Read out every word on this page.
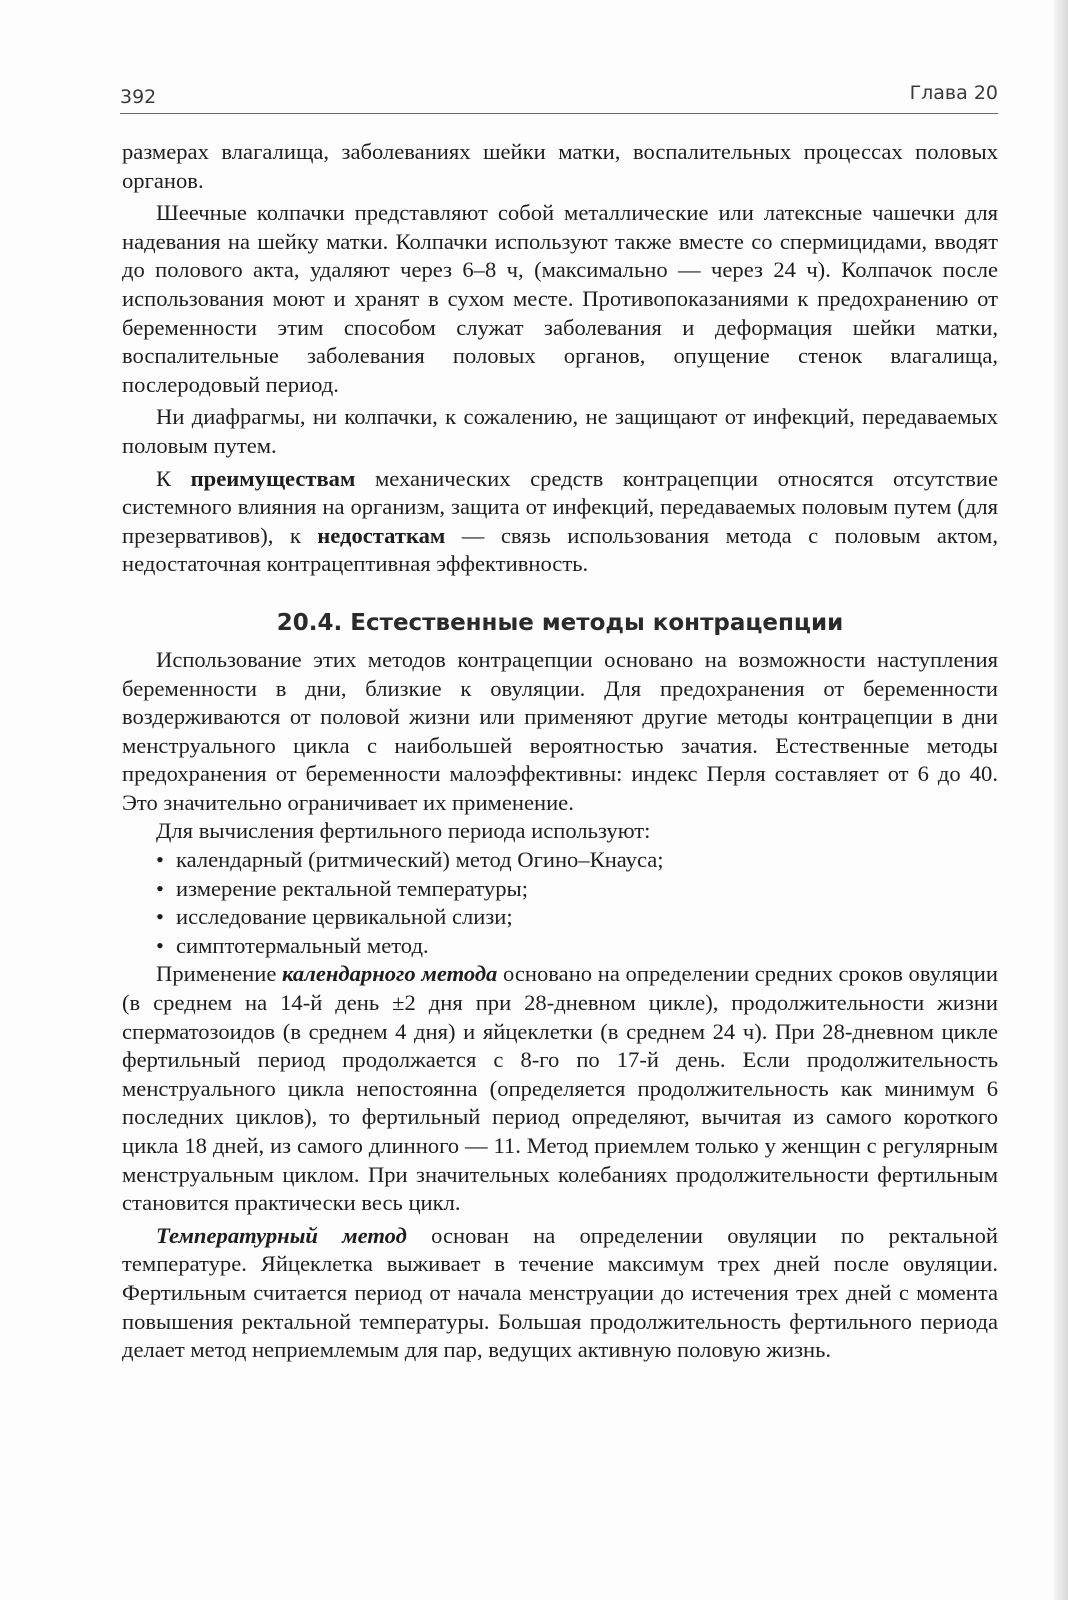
392	Глава 20

размерах влагалища, заболеваниях шейки матки, воспалительных процессах половых органов.

Шеечные колпачки представляют собой металлические или латексные чашечки для надевания на шейку матки. Колпачки используют также вместе со спермицидами, вводят до полового акта, удаляют через 6–8 ч, (максимально — через 24 ч). Колпачок после использования моют и хранят в сухом месте. Противопоказаниями к предохранению от беременности этим способом служат заболевания и деформация шейки матки, воспалительные заболевания половых органов, опущение стенок влагалища, послеродовый период.

Ни диафрагмы, ни колпачки, к сожалению, не защищают от инфекций, передаваемых половым путем.

К преимуществам механических средств контрацепции относятся отсутствие системного влияния на организм, защита от инфекций, передаваемых половым путем (для презервативов), к недостаткам — связь использования метода с половым актом, недостаточная контрацептивная эффективность.

20.4. Естественные методы контрацепции

Использование этих методов контрацепции основано на возможности наступления беременности в дни, близкие к овуляции. Для предохранения от беременности воздерживаются от половой жизни или применяют другие методы контрацепции в дни менструального цикла с наибольшей вероятностью зачатия. Естественные методы предохранения от беременности малоэффективны: индекс Перля составляет от 6 до 40. Это значительно ограничивает их применение.

Для вычисления фертильного периода используют:

• календарный (ритмический) метод Огино–Кнауса;
• измерение ректальной температуры;
• исследование цервикальной слизи;
• симптотермальный метод.

Применение календарного метода основано на определении средних сроков овуляции (в среднем на 14-й день ±2 дня при 28-дневном цикле), продолжительности жизни сперматозоидов (в среднем 4 дня) и яйцеклетки (в среднем 24 ч). При 28-дневном цикле фертильный период продолжается с 8-го по 17-й день. Если продолжительность менструального цикла непостоянна (определяется продолжительность как минимум 6 последних циклов), то фертильный период определяют, вычитая из самого короткого цикла 18 дней, из самого длинного — 11. Метод приемлем только у женщин с регулярным менструальным циклом. При значительных колебаниях продолжительности фертильным становится практически весь цикл.

Температурный метод основан на определении овуляции по ректальной температуре. Яйцеклетка выживает в течение максимум трех дней после овуляции. Фертильным считается период от начала менструации до истечения трех дней с момента повышения ректальной температуры. Большая продолжительность фертильного периода делает метод неприемлемым для пар, ведущих активную половую жизнь.
